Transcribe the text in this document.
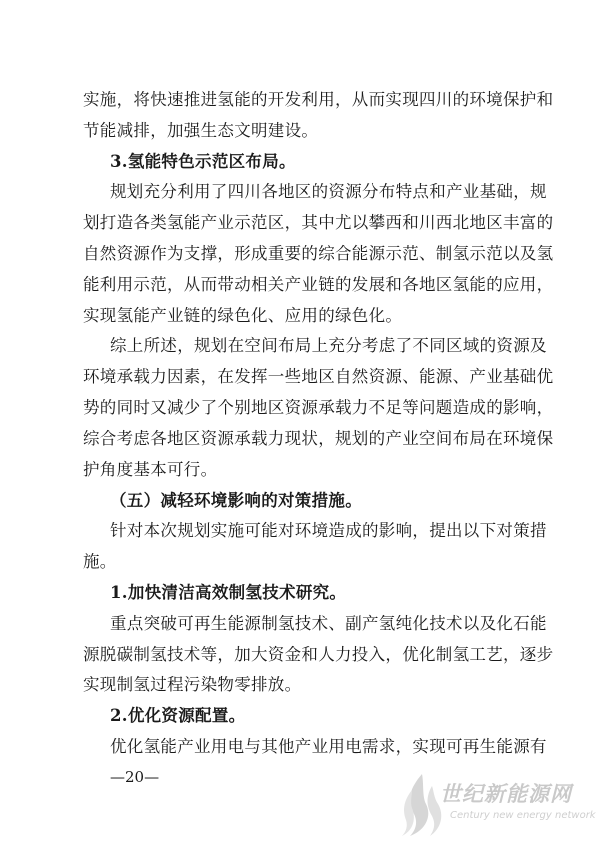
实施，将快速推进氢能的开发利用，从而实现四川的环境保护和
节能减排，加强生态文明建设。
3.氢能特色示范区布局。
规划充分利用了四川各地区的资源分布特点和产业基础，规
划打造各类氢能产业示范区，其中尤以攀西和川西北地区丰富的
自然资源作为支撑，形成重要的综合能源示范、制氢示范以及氢
能利用示范，从而带动相关产业链的发展和各地区氢能的应用，
实现氢能产业链的绿色化、应用的绿色化。
综上所述，规划在空间布局上充分考虑了不同区域的资源及
环境承载力因素，在发挥一些地区自然资源、能源、产业基础优
势的同时又减少了个别地区资源承载力不足等问题造成的影响，
综合考虑各地区资源承载力现状，规划的产业空间布局在环境保
护角度基本可行。
（五）减轻环境影响的对策措施。
针对本次规划实施可能对环境造成的影响，提出以下对策措
施。
1.加快清洁高效制氢技术研究。
重点突破可再生能源制氢技术、副产氢纯化技术以及化石能
源脱碳制氢技术等，加大资金和人力投入，优化制氢工艺，逐步
实现制氢过程污染物零排放。
2.优化资源配置。
优化氢能产业用电与其他产业用电需求，实现可再生能源有
—20—
世纪新能源网
Century new energy network
